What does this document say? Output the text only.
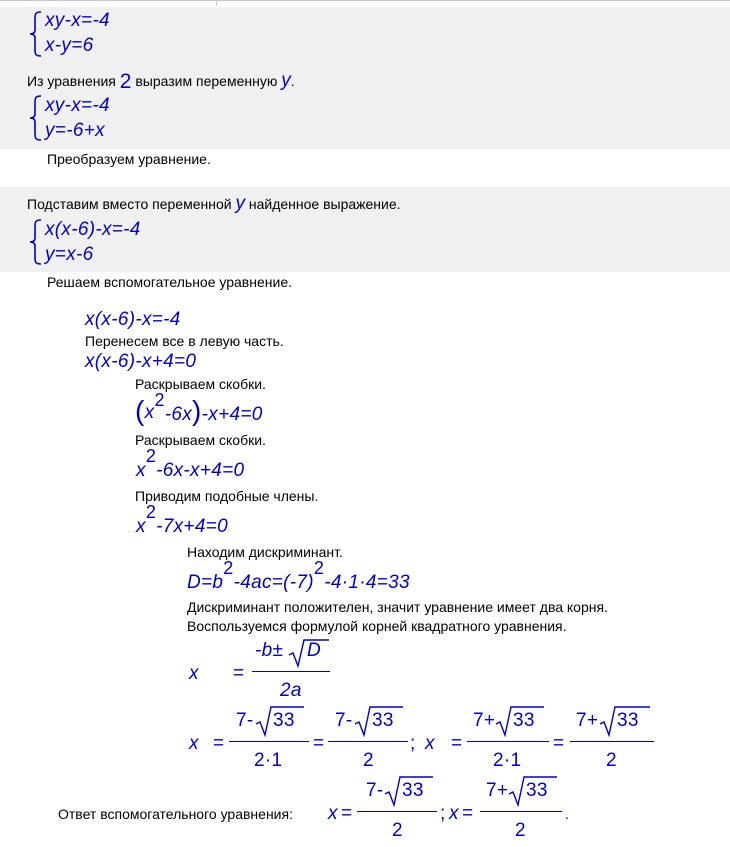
xy-x=-4
x-y=6
Из уравнения 2 выразим переменную y.
xy-x=-4
y=-6+x
Преобразуем уравнение.
Подставим вместо переменной y найденное выражение.
x(x-6)-x=-4
y=x-6
Решаем вспомогательное уравнение.
x(x-6)-x=-4
Перенесем все в левую часть.
x(x-6)-x+4=0
Раскрываем скобки.
(x2-6x)-x+4=0
Раскрываем скобки.
x2-6x-x+4=0
Приводим подобные члены.
x2-7x+4=0
Находим дискриминант.
D=b2-4ac=(-7)2-4·1·4=33
Дискриминант положителен, значит уравнение имеет два корня.
Воспользуемся формулой корней квадратного уравнения.
x =
-b± D
2a
x =
7- 33
2·1
=
7- 33
2
; x =
7+ 33
2·1
=
7+ 33
2
Ответ вспомогательного уравнения: x =
7- 33
2
; x =
7+ 33
2
.
